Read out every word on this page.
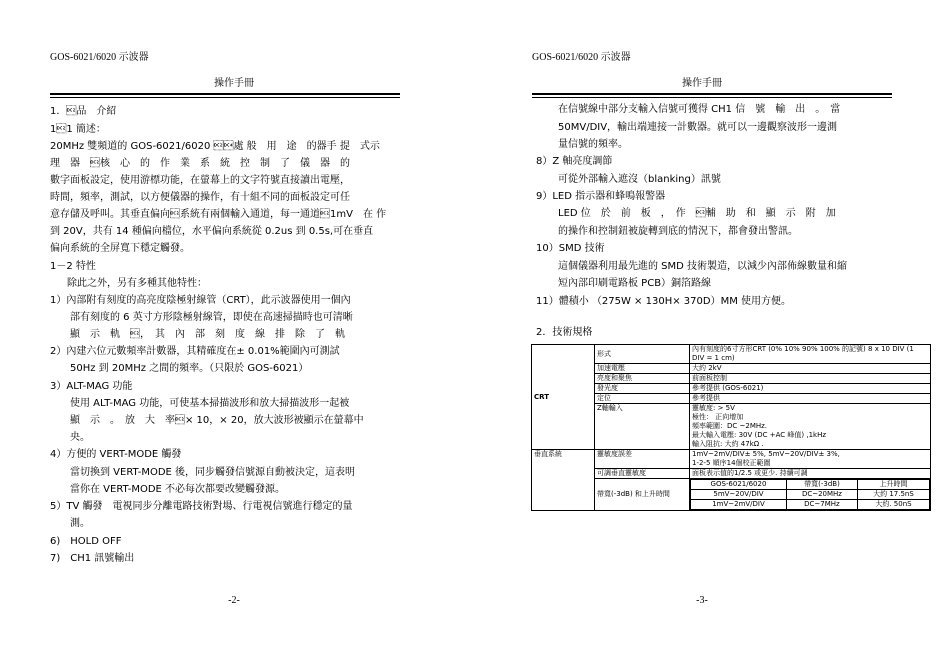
GOS-6021/6020 示波器
操作手冊
1．品　介紹
11 簡述：
20MHz 雙頻道的 GOS-6021/6020 處 般　用　途　的器手 提　式示
理　器　核　心　的　作　業　系　統　控　制　了　儀　器　的
數字面板設定，使用游標功能，在螢幕上的文字符號直接讀出電壓，
時間，頻率，測試，以方便儀器的操作，有十組不同的面板設定可任
意存儲及呼叫。其垂直偏向系統有兩個輸入通道，每一通道1mV　在 作
到 20V，共有 14 種偏向檔位，水平偏向系統從 0.2us 到 0.5s,可在垂直
偏向系統的全屏寬下穩定觸發。
1－2 特性
除此之外，另有多種其他特性：
1）內部附有刻度的高亮度陰極射線管（CRT），此示波器使用一個內
部有刻度的 6 英寸方形陰極射線管，即使在高速掃描時也可清晰
顯　示　軌　，　其　內　部　刻　度　線　排　除　了　軌
2）內建六位元數頻率計數器，其精確度在± 0.01%範圍內可測試
50Hz 到 20MHz 之間的頻率。（只限於 GOS-6021）
3）ALT-MAG 功能
使用 ALT-MAG 功能，可使基本掃描波形和放大掃描波形一起被
顯　示　。　放　大　率× 10，× 20，放大波形被顯示在螢幕中
央。
4）方便的 VERT-MODE 觸發
當切換到 VERT-MODE 後，同步觸發信號源自動被決定，這表明
當你在 VERT-MODE 不必每次都要改變觸發源。
5）TV 觸發　電視同步分離電路技術對場、行電視信號進行穩定的量
測。
6)　HOLD OFF
7)　CH1 訊號輸出
-2-
GOS-6021/6020 示波器
操作手冊
在信號線中部分支輸入信號可獲得 CH1 信　號　輸　出　。　當
50MV/DIV，輸出端連接一計數器。就可以一邊觀察波形一邊測
量信號的頻率。
8）Z 軸亮度調節
可從外部輸入遮沒（blanking）訊號
9）LED 指示器和蜂鳴報警器
LED 位　於　前　板　，　作　輔　助　和　顯　示　附　加
的操作和控制鈕被旋轉到底的情況下，都會發出警訊。
10）SMD 技術
這個儀器利用最先進的 SMD 技術製造，以減少內部佈線數量和縮
短內部印刷電路板 PCB）銅箔路線
11）體積小 （275W × 130H× 370D）MM 使用方便。
2．技術規格
CRT	形式	內有刻度的6寸方形CRT (0% 10% 90% 100% 的記號) 8 x 10 DIV (1 DIV = 1 cm)
加速電壓	大約 2kV
亮度和聚焦	前面板控制
發光度	參考提供 (GOS-6021)
定位	參考提供
Z軸輸入	靈敏度: > 5V
極性： 正向增加
頻率範圍：DC ~2MHz.
最大輸入電壓: 30V (DC +AC 峰值) ,1kHz
輸入阻抗: 大約 47kΩ .

垂直系統	靈敏度誤差	1mV~2mV/DIV± 5%, 5mV~20V/DIV± 3%,
1-2-5 順序14個校正範圍

可調垂直靈敏度	面板表示值的1/2.5 或更少. 持續可調
帶寬(-3dB) 和上升時間	
GOS-6021/6020	帶寬(-3dB)	上升時間
5mV~20V/DIV	DC~20MHz	大約 17.5nS
1mV~2mV/DIV	DC~7MHz	大約. 50nS
-3-
